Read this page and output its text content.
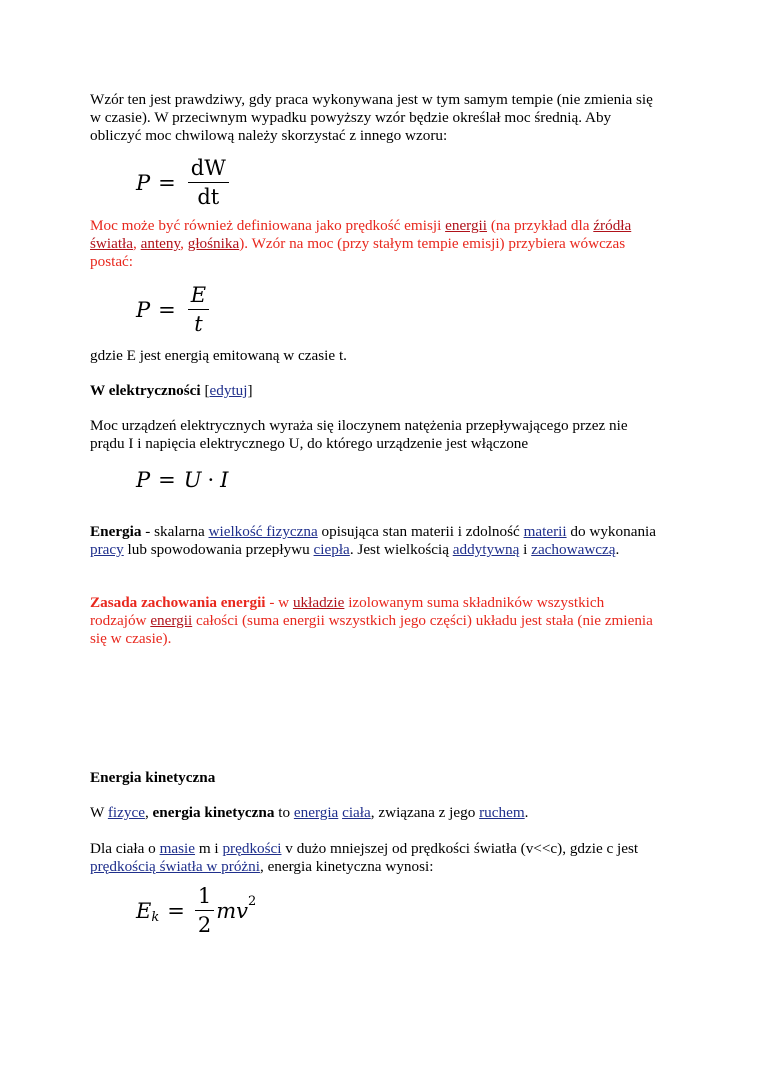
Wzór ten jest prawdziwy, gdy praca wykonywana jest w tym samym tempie (nie zmienia się
w czasie). W przeciwnym wypadku powyższy wzór będzie określał moc średnią. Aby
obliczyć moc chwilową należy skorzystać z innego wzoru:
$P = \frac{dW}{dt}$
Moc może być również definiowana jako prędkość emisji energii (na przykład dla źródła
światła, anteny, głośnika). Wzór na moc (przy stałym tempie emisji) przybiera wówczas
postać:
$P = \frac{E}{t}$
gdzie E jest energią emitowaną w czasie t.
W elektryczności [edytuj]
Moc urządzeń elektrycznych wyraża się iloczynem natężenia przepływającego przez nie
prądu I i napięcia elektrycznego U, do którego urządzenie jest włączone
P = U · I
Energia - skalarna wielkość fizyczna opisująca stan materii i zdolność materii do wykonania
pracy lub spowodowania przepływu ciepła. Jest wielkością addytywną i zachowawczą.
Zasada zachowania energii - w układzie izolowanym suma składników wszystkich
rodzajów energii całości (suma energii wszystkich jego części) układu jest stała (nie zmienia
się w czasie).
Energia kinetyczna
W fizyce, energia kinetyczna to energia ciała, związana z jego ruchem.
Dla ciała o masie m i prędkości v dużo mniejszej od prędkości światła (v<<c), gdzie c jest
prędkością światła w próżni, energia kinetyczna wynosi:
E $k = \frac{1}{2}$ m v 2
